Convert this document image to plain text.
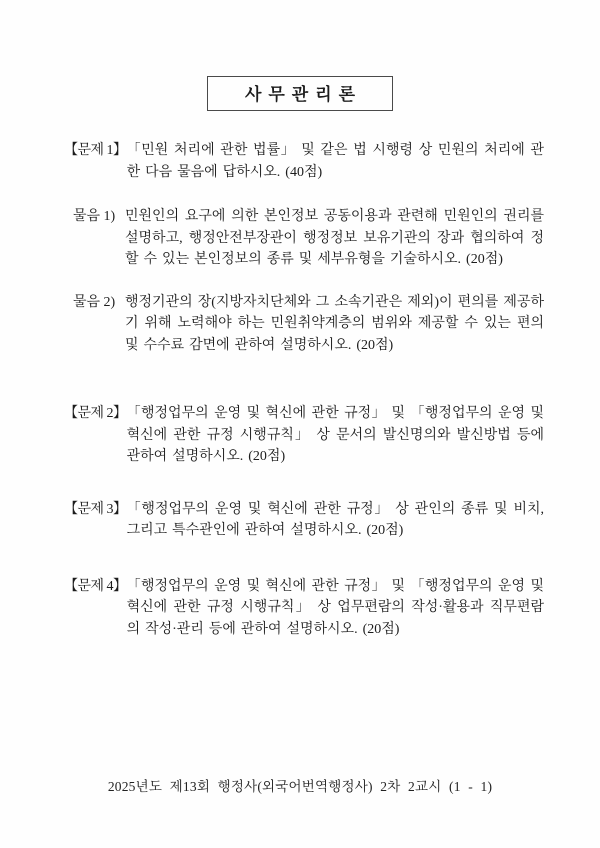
사무관리론
【문제 1】 「민원 처리에 관한 법률」 및 같은 법 시행령 상 민원의 처리에 관한 다음 물음에 답하시오. (40점)
물음 1) 민원인의 요구에 의한 본인정보 공동이용과 관련해 민원인의 권리를 설명하고, 행정안전부장관이 행정정보 보유기관의 장과 협의하여 정할 수 있는 본인정보의 종류 및 세부유형을 기술하시오. (20점)
물음 2) 행정기관의 장(지방자치단체와 그 소속기관은 제외)이 편의를 제공하기 위해 노력해야 하는 민원취약계층의 범위와 제공할 수 있는 편의 및 수수료 감면에 관하여 설명하시오. (20점)
【문제 2】 「행정업무의 운영 및 혁신에 관한 규정」 및 「행정업무의 운영 및 혁신에 관한 규정 시행규칙」 상 문서의 발신명의와 발신방법 등에 관하여 설명하시오. (20점)
【문제 3】 「행정업무의 운영 및 혁신에 관한 규정」 상 관인의 종류 및 비치, 그리고 특수관인에 관하여 설명하시오. (20점)
【문제 4】 「행정업무의 운영 및 혁신에 관한 규정」 및 「행정업무의 운영 및 혁신에 관한 규정 시행규칙」 상 업무편람의 작성·활용과 직무편람의 작성·관리 등에 관하여 설명하시오. (20점)
2025년도 제13회 행정사(외국어번역행정사) 2차 2교시 (1 - 1)
